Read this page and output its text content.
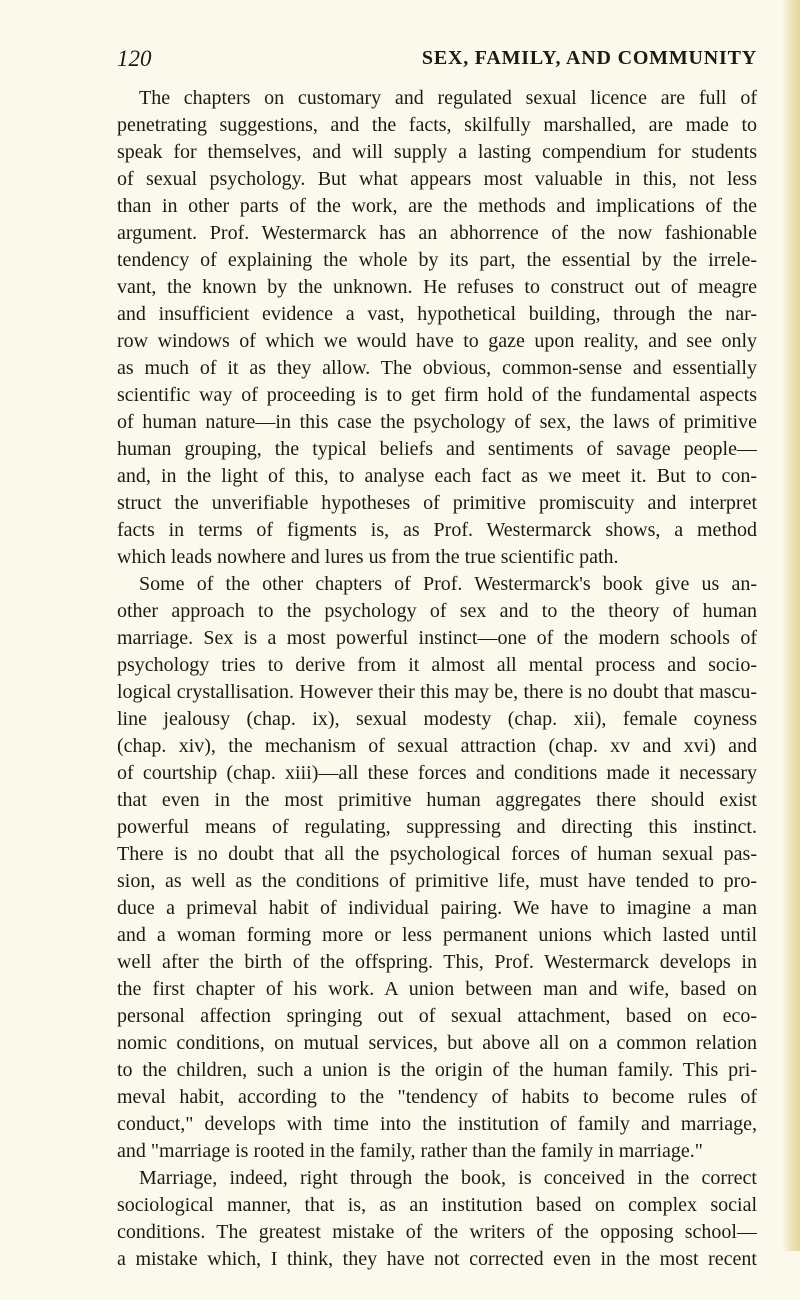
120	SEX, FAMILY, AND COMMUNITY
The chapters on customary and regulated sexual licence are full of
penetrating suggestions, and the facts, skilfully marshalled, are made to
speak for themselves, and will supply a lasting compendium for students
of sexual psychology. But what appears most valuable in this, not less
than in other parts of the work, are the methods and implications of the
argument. Prof. Westermarck has an abhorrence of the now fashionable
tendency of explaining the whole by its part, the essential by the irrele-
vant, the known by the unknown. He refuses to construct out of meagre
and insufficient evidence a vast, hypothetical building, through the nar-
row windows of which we would have to gaze upon reality, and see only
as much of it as they allow. The obvious, common-sense and essentially
scientific way of proceeding is to get firm hold of the fundamental aspects
of human nature—in this case the psychology of sex, the laws of primitive
human grouping, the typical beliefs and sentiments of savage people—
and, in the light of this, to analyse each fact as we meet it. But to con-
struct the unverifiable hypotheses of primitive promiscuity and interpret
facts in terms of figments is, as Prof. Westermarck shows, a method
which leads nowhere and lures us from the true scientific path.
Some of the other chapters of Prof. Westermarck's book give us an-
other approach to the psychology of sex and to the theory of human
marriage. Sex is a most powerful instinct—one of the modern schools of
psychology tries to derive from it almost all mental process and socio-
logical crystallisation. However their this may be, there is no doubt that mascu-
line jealousy (chap. ix), sexual modesty (chap. xii), female coyness
(chap. xiv), the mechanism of sexual attraction (chap. xv and xvi) and
of courtship (chap. xiii)—all these forces and conditions made it necessary
that even in the most primitive human aggregates there should exist
powerful means of regulating, suppressing and directing this instinct.
There is no doubt that all the psychological forces of human sexual pas-
sion, as well as the conditions of primitive life, must have tended to pro-
duce a primeval habit of individual pairing. We have to imagine a man
and a woman forming more or less permanent unions which lasted until
well after the birth of the offspring. This, Prof. Westermarck develops in
the first chapter of his work. A union between man and wife, based on
personal affection springing out of sexual attachment, based on eco-
nomic conditions, on mutual services, but above all on a common relation
to the children, such a union is the origin of the human family. This pri-
meval habit, according to the "tendency of habits to become rules of
conduct," develops with time into the institution of family and marriage,
and "marriage is rooted in the family, rather than the family in marriage."
Marriage, indeed, right through the book, is conceived in the correct
sociological manner, that is, as an institution based on complex social
conditions. The greatest mistake of the writers of the opposing school—
a mistake which, I think, they have not corrected even in the most recent
